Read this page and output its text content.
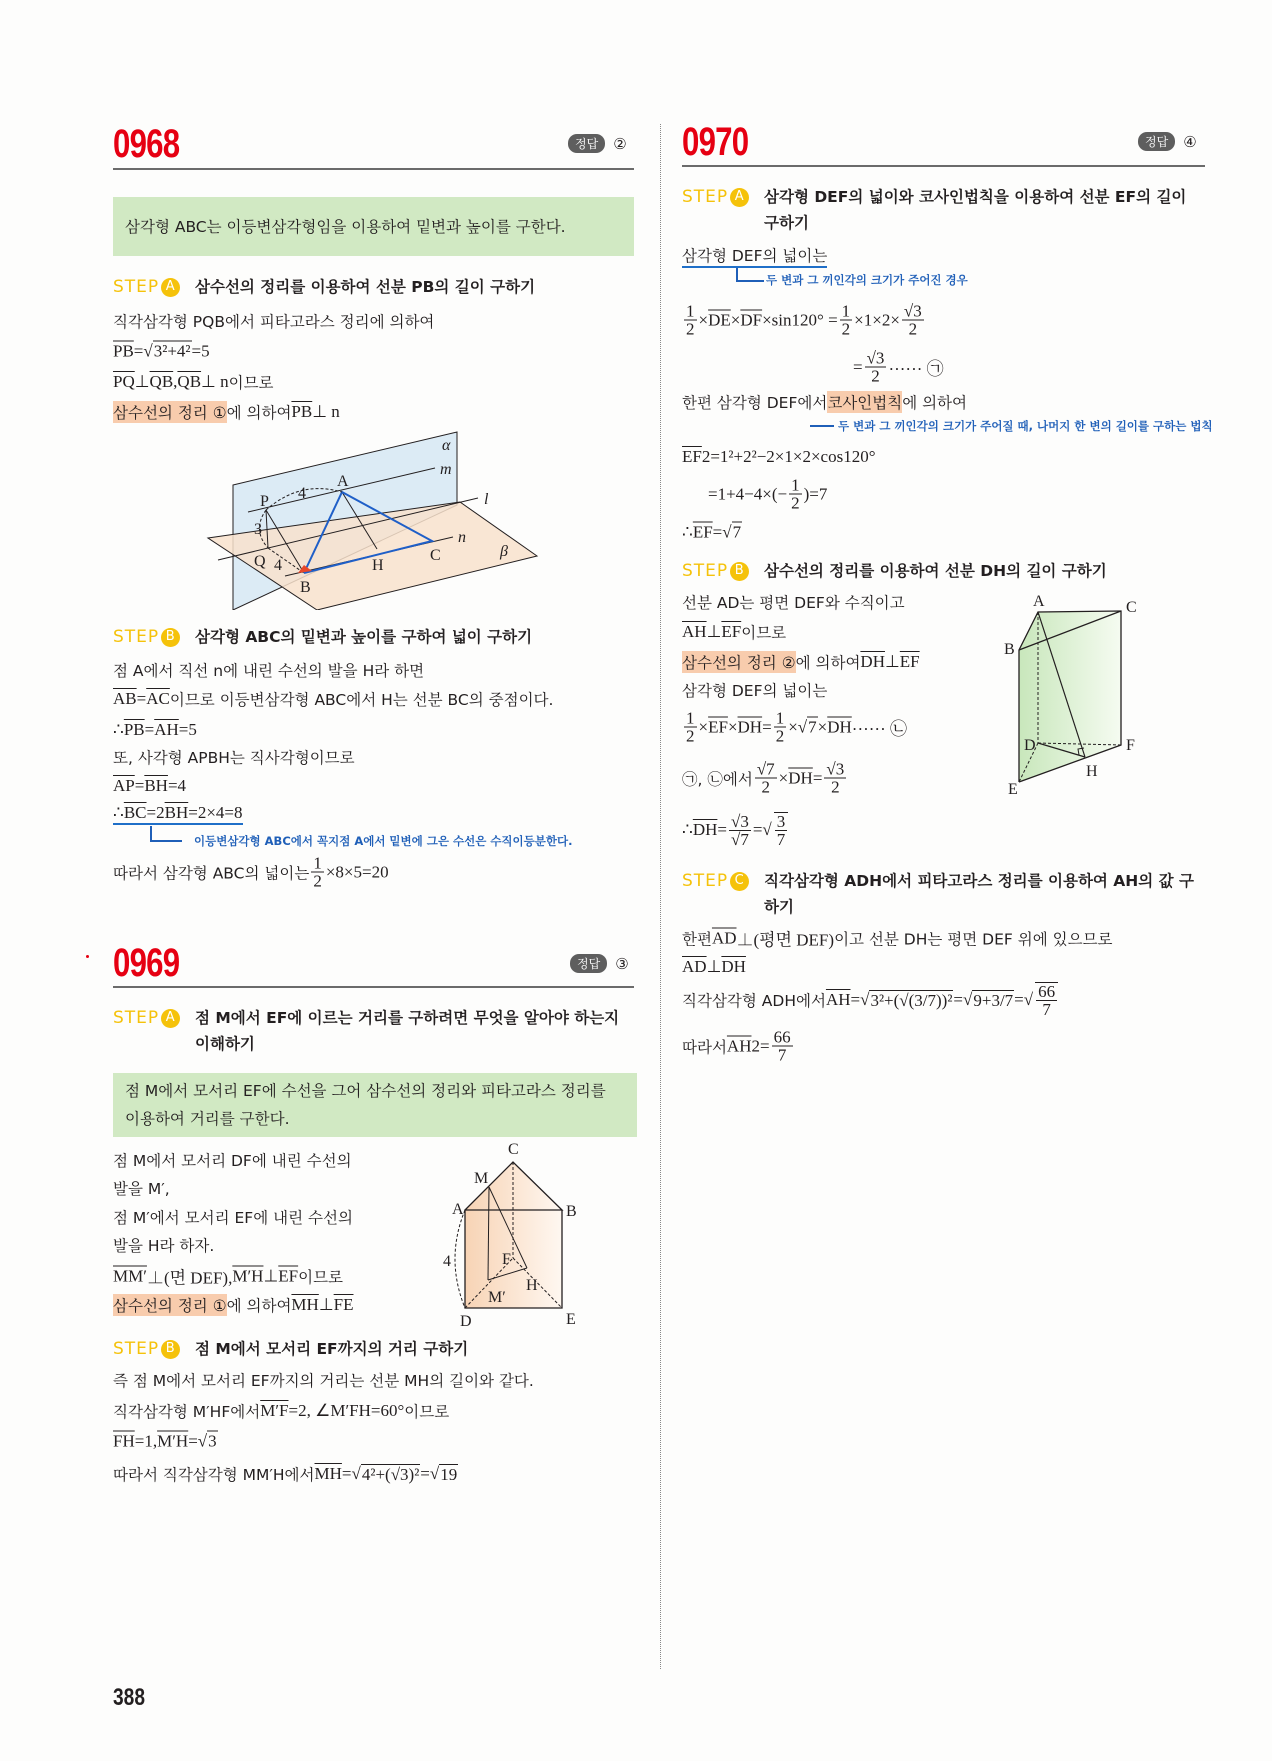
0968	정답	②
삼각형 ABC는 이등변삼각형임을 이용하여 밑변과 높이를 구한다.
STEP A 삼수선의 정리를 이용하여 선분 PB의 길이 구하기
직각삼각형 PQB에서 피타고라스 정리에 의하여
$\overline{PB}$ = √ 3²+4² =5
$\overline{PQ}$ ⊥ $\overline{QB}$ , $\overline{QB}$ ⊥ n 이므로
삼수선의 정리 ① 에 의하여 $\overline{PB}$ ⊥ n
α
m
l
n
β
A
P
Q
B
H
C
4
3
4
STEP B 삼각형 ABC의 밑변과 높이를 구하여 넓이 구하기
점 A에서 직선 n에 내린 수선의 발을 H라 하면
$\overline{AB} = \overline{AC}$ 이므로 이등변삼각형 ABC에서 H는 선분 BC의 중점이다.
∴ $\overline{PB} = \overline{AH} =5$
또, 사각형 APBH는 직사각형이므로
$\overline{AP} = \overline{BH} =4$
∴ $\overline{BC} =2$ $\overline{BH} =2\times 4=8$
이등변삼각형 ABC에서 꼭지점 A에서 밑변에 그은 수선은 수직이등분한다.
따라서 삼각형 ABC의 넓이는 $\frac{1}{2} \times 8\times 5=20$
0969	정답	③
STEP A 점 M에서 EF에 이르는 거리를 구하려면 무엇을 알아야 하는지 이해하기
점 M에서 모서리 EF에 수선을 그어 삼수선의 정리와 피타고라스 정리를 이용하여 거리를 구한다.
점 M에서 모서리 DF에 내린 수선의
발을 M′,
점 M′에서 모서리 EF에 내린 수선의
발을 H라 하자.
MM′ ⊥(면 DEF), M′H ⊥ $\overline{EF}$ 이므로
삼수선의 정리 ① 에 의하여 $\overline{MH}$ ⊥ $\overline{FE}$
C
M
A	B
4	F
H
M′
D	E
STEP B 점 M에서 모서리 EF까지의 거리 구하기
즉 점 M에서 모서리 EF까지의 거리는 선분 MH의 길이와 같다.
직각삼각형 M′HF에서 M′F =2, ∠M′FH=60° 이므로
$\overline{FH} =1$, M′H = √ 3
따라서 직각삼각형 MM′H에서 $\overline{MH}$ = √ 4²+(√3)² = √ 19
0970	정답	④
STEP A 삼각형 DEF의 넓이와 코사인법칙을 이용하여 선분 EF의 길이 구하기
삼각형 DEF의 넓이는
두 변과 그 끼인각의 크기가 주어진 경우
$\frac{1}{2} \times \overline{DE} \times \overline{DF} \times\sin 120^\circ = \frac{1}{2} \times 1\times 2\times \frac{√3}{2}$
= $\frac{√3}{2}$ ······ ㉠
한편 삼각형 DEF에서 코사인법칙 에 의하여
두 변과 그 끼인각의 크기가 주어질 때, 나머지 한 변의 길이를 구하는 법칙
$\overline{EF}$ 2 =1²+2²−2×1×2×cos120°
$=1+4-4\times(- \frac{1}{2} )=7$
∴ $\overline{EF}$ = √ 7
STEP B 삼수선의 정리를 이용하여 선분 DH의 길이 구하기
선분 AD는 평면 DEF와 수직이고
$\overline{AH}$ ⊥ $\overline{EF}$ 이므로
삼수선의 정리 ② 에 의하여 $\overline{DH}$ ⊥ $\overline{EF}$
삼각형 DEF의 넓이는
$\frac{1}{2} \times \overline{EF} \times \overline{DH} = \frac{1}{2}$ × √ $7 \times \overline{DH}$ ······ ㉡
㉠, ㉡에서 $\frac{√7}{2} \times \overline{DH} = \frac{√3}{2}$
∴ $\overline{DH} = \frac{√3}{√7}$ = √ $\frac{3}{7}$
A	C
B
D	F
H
E
STEP C 직각삼각형 ADH에서 피타고라스 정리를 이용하여 AH의 값 구하기
한편 $\overline{AD}$ ⊥(평면 DEF) 이고 선분 DH는 평면 DEF 위에 있으므로
$\overline{AD}$ ⊥ $\overline{DH}$
직각삼각형 ADH에서 $\overline{AH}$ = √ 3²+(√(3/7))² = √ 9+3/7 = √ $\frac{66}{7}$
따라서 $\overline{AH}$ $2 = \frac{66}{7}$
388
